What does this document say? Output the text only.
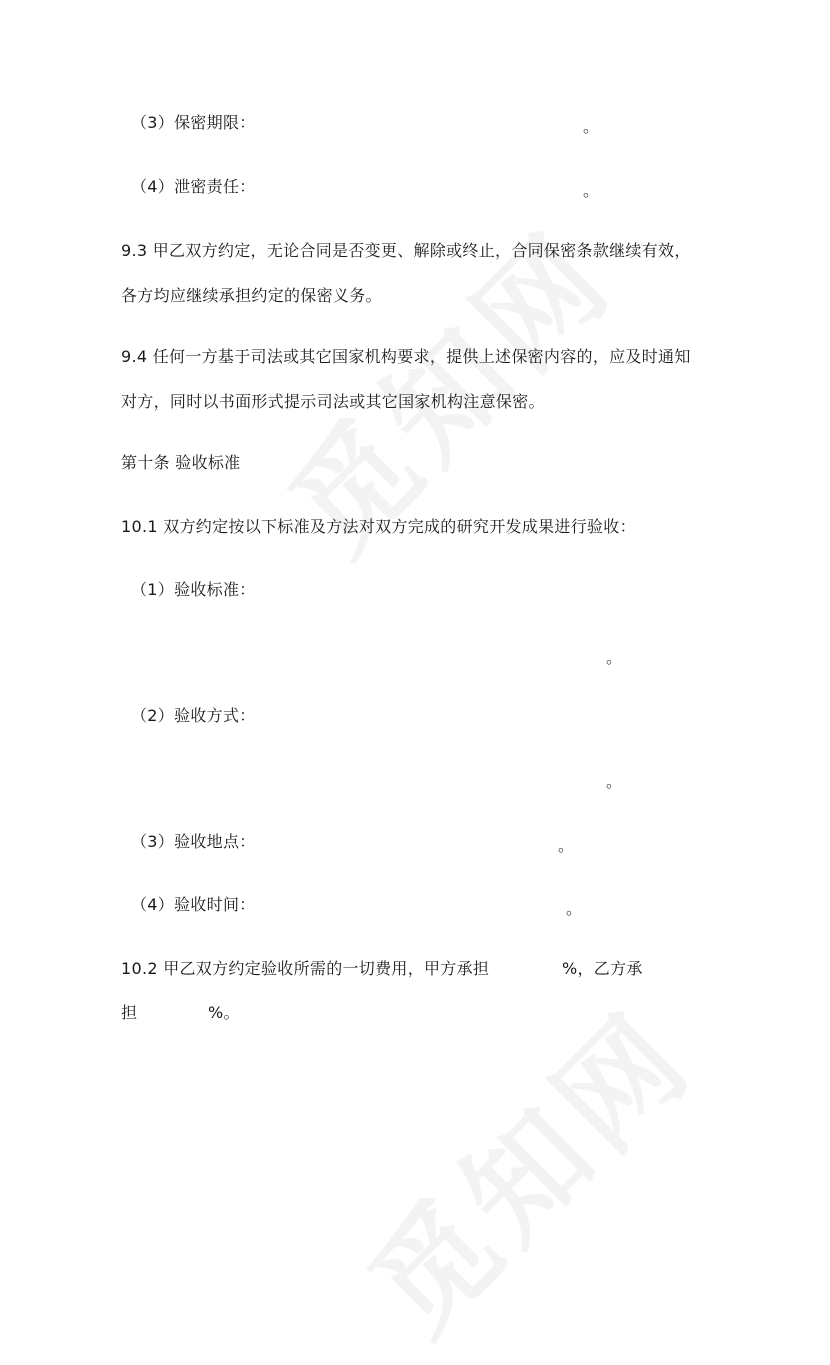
（3）保密期限：	。
（4）泄密责任：	。
9.3 甲乙双方约定，无论合同是否变更、解除或终止，合同保密条款继续有效，
各方均应继续承担约定的保密义务。
9.4 任何一方基于司法或其它国家机构要求，提供上述保密内容的，应及时通知
对方，同时以书面形式提示司法或其它国家机构注意保密。
第十条 验收标准
10.1 双方约定按以下标准及方法对双方完成的研究开发成果进行验收：
（1）验收标准：
。
（2）验收方式：
。
（3）验收地点：	。
（4）验收时间：	。
10.2 甲乙双方约定验收所需的一切费用，甲方承担	%，乙方承
担	%。
